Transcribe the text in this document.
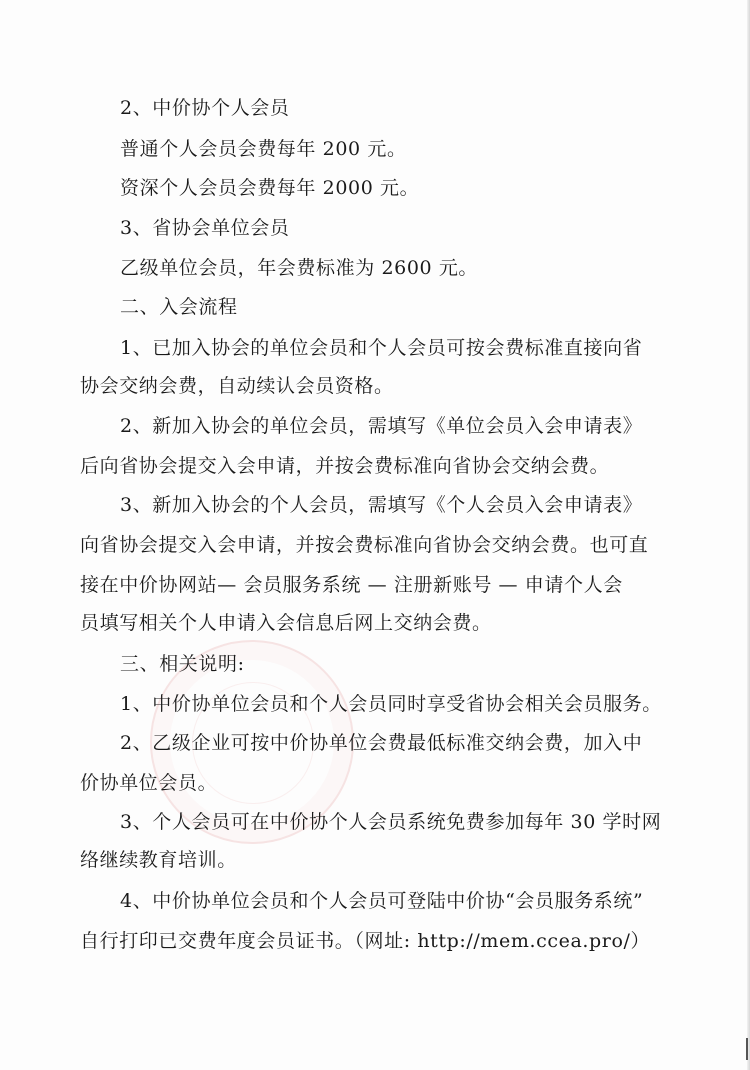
2、中价协个人会员
普通个人会员会费每年 200 元。
资深个人会员会费每年 2000 元。
3、省协会单位会员
乙级单位会员，年会费标准为 2600 元。
二、入会流程
1、已加入协会的单位会员和个人会员可按会费标准直接向省
协会交纳会费，自动续认会员资格。
2、新加入协会的单位会员，需填写《单位会员入会申请表》
后向省协会提交入会申请，并按会费标准向省协会交纳会费。
3、新加入协会的个人会员，需填写《个人会员入会申请表》
向省协会提交入会申请，并按会费标准向省协会交纳会费。也可直
接在中价协网站— 会员服务系统 — 注册新账号 — 申请个人会
员填写相关个人申请入会信息后网上交纳会费。
三、相关说明:
1、中价协单位会员和个人会员同时享受省协会相关会员服务。
2、乙级企业可按中价协单位会费最低标准交纳会费，加入中
价协单位会员。
3、个人会员可在中价协个人会员系统免费参加每年 30 学时网
络继续教育培训。
4、中价协单位会员和个人会员可登陆中价协“会员服务系统”
自行打印已交费年度会员证书。（网址: http://mem.ccea.pro/）
